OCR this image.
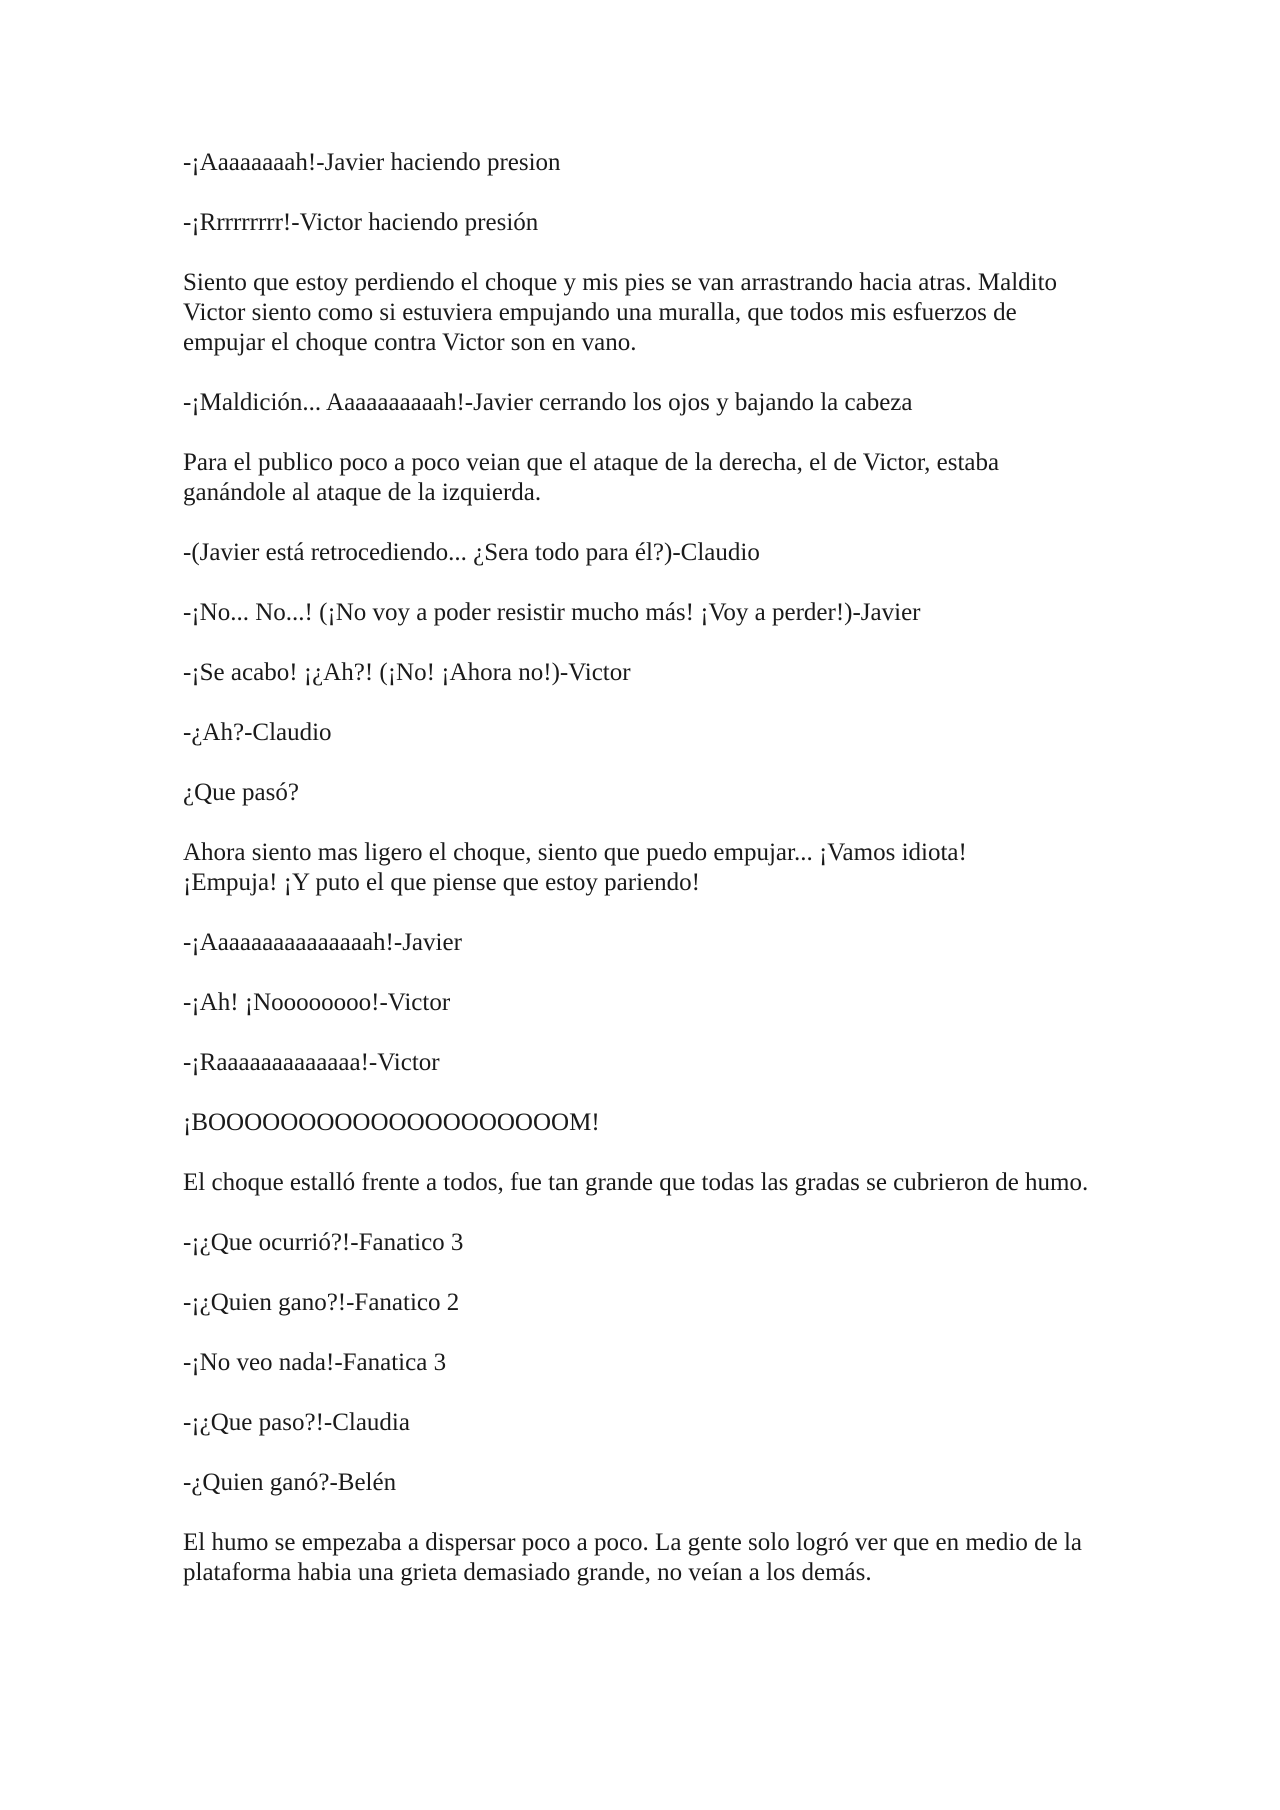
-¡Aaaaaaaah!-Javier haciendo presion

-¡Rrrrrrrrr!-Victor haciendo presión

Siento que estoy perdiendo el choque y mis pies se van arrastrando hacia atras. Maldito Victor siento como si estuviera empujando una muralla, que todos mis esfuerzos de empujar el choque contra Victor son en vano.

-¡Maldición... Aaaaaaaaaah!-Javier cerrando los ojos y bajando la cabeza

Para el publico poco a poco veian que el ataque de la derecha, el de Victor, estaba ganándole al ataque de la izquierda.

-(Javier está retrocediendo... ¿Sera todo para él?)-Claudio

-¡No... No...! (¡No voy a poder resistir mucho más! ¡Voy a perder!)-Javier

-¡Se acabo! ¡¿Ah?! (¡No! ¡Ahora no!)-Victor

-¿Ah?-Claudio

¿Que pasó?

Ahora siento mas ligero el choque, siento que puedo empujar... ¡Vamos idiota!
¡Empuja! ¡Y puto el que piense que estoy pariendo!

-¡Aaaaaaaaaaaaaaah!-Javier

-¡Ah! ¡Noooooooo!-Victor

-¡Raaaaaaaaaaaaa!-Victor

¡BOOOOOOOOOOOOOOOOOOOOM!

El choque estalló frente a todos, fue tan grande que todas las gradas se cubrieron de humo.

-¡¿Que ocurrió?!-Fanatico 3

-¡¿Quien gano?!-Fanatico 2

-¡No veo nada!-Fanatica 3

-¡¿Que paso?!-Claudia

-¿Quien ganó?-Belén

El humo se empezaba a dispersar poco a poco. La gente solo logró ver que en medio de la plataforma habia una grieta demasiado grande, no veían a los demás.
